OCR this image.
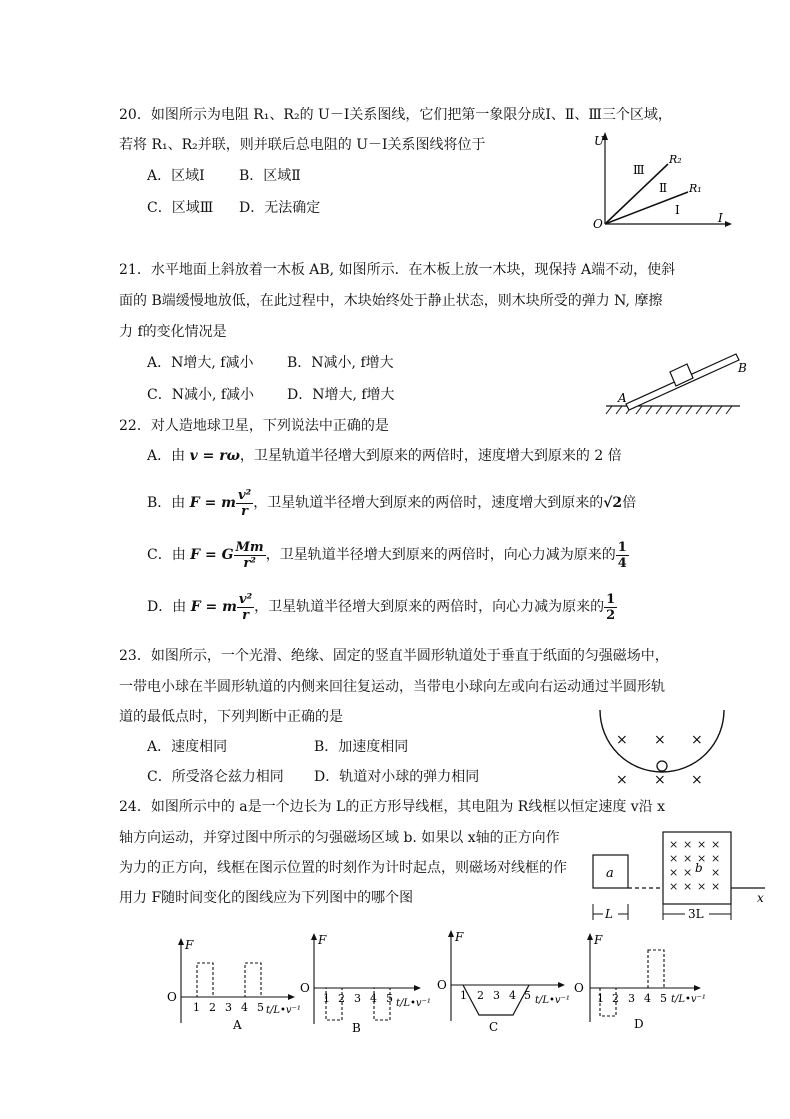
20．如图所示为电阻 R₁、R₂的 U－I关系图线，它们把第一象限分成Ⅰ、Ⅱ、Ⅲ三个区域，
若将 R₁、R₂并联，则并联后总电阻的 U－I关系图线将位于
A．区域Ⅰ B．区域Ⅱ
C．区域Ⅲ D．无法确定
U
I
O
R₂
R₁
Ⅲ
Ⅱ
Ⅰ
21．水平地面上斜放着一木板 AB, 如图所示．在木板上放一木块，现保持 A端不动，使斜
面的 B端缓慢地放低，在此过程中，木块始终处于静止状态，则木块所受的弹力 N, 摩擦
力 f的变化情况是
A．N增大, f减小 B．N减小, f增大
C．N减小, f减小 D．N增大, f增大	A
B
22．对人造地球卫星，下列说法中正确的是
A．由 v = rω，卫星轨道半径增大到原来的两倍时，速度增大到原来的 2 倍
B．由 F = m $\frac{\text{v²}}{r}$ ，卫星轨道半径增大到原来的两倍时，速度增大到原来的√2倍
C．由 F = G $\frac{Mm}{\text{r²}}$ ，卫星轨道半径增大到原来的两倍时，向心力减为原来的 $\frac{1}{4}$
D．由 F = m $\frac{\text{v²}}{r}$ ，卫星轨道半径增大到原来的两倍时，向心力减为原来的 $\frac{1}{2}$
23．如图所示，一个光滑、绝缘、固定的竖直半圆形轨道处于垂直于纸面的匀强磁场中，
一带电小球在半圆形轨道的内侧来回往复运动，当带电小球向左或向右运动通过半圆形轨
道的最低点时，下列判断中正确的是
A．速度相同	B．加速度相同
C．所受洛仑兹力相同 D．轨道对小球的弹力相同
× × ×
× × ×
24．如图所示中的 a是一个边长为 L的正方形导线框，其电阻为 R线框以恒定速度 v沿 x
轴方向运动，并穿过图中所示的匀强磁场区域 b. 如果以 x轴的正方向作
为力的正方向，线框在图示位置的时刻作为计时起点，则磁场对线框的作
用力 F随时间变化的图线应为下列图中的哪个图
a
× × × ×
× × × ×
× × ×
× × × ×
b
x
L	3L
F
O
1 2 3 4 5 t/L•v⁻¹
A
F
O
1 2 3 4 5 t/L•v⁻¹
B
F
O
1 2 3 4 5 t/L•v⁻¹
C
F
O
1 2 3 4 5 t/L•v⁻¹
D
